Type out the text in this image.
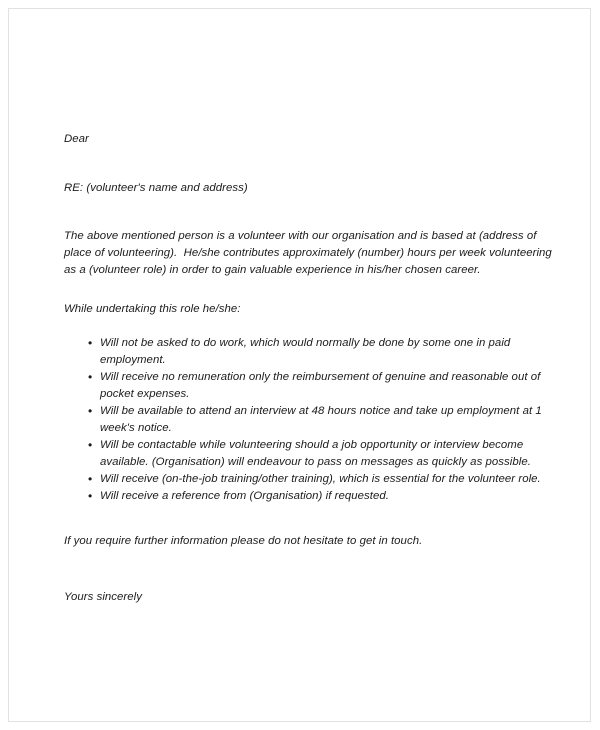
Dear

RE: (volunteer's name and address)

The above mentioned person is a volunteer with our organisation and is based at (address of place of volunteering).  He/she contributes approximately (number) hours per week volunteering as a (volunteer role) in order to gain valuable experience in his/her chosen career.

While undertaking this role he/she:

• Will not be asked to do work, which would normally be done by some one in paid employment.
• Will receive no remuneration only the reimbursement of genuine and reasonable out of pocket expenses.
• Will be available to attend an interview at 48 hours notice and take up employment at 1 week's notice.
• Will be contactable while volunteering should a job opportunity or interview become available. (Organisation) will endeavour to pass on messages as quickly as possible.
• Will receive (on-the-job training/other training), which is essential for the volunteer role.
• Will receive a reference from (Organisation) if requested.

If you require further information please do not hesitate to get in touch.

Yours sincerely
